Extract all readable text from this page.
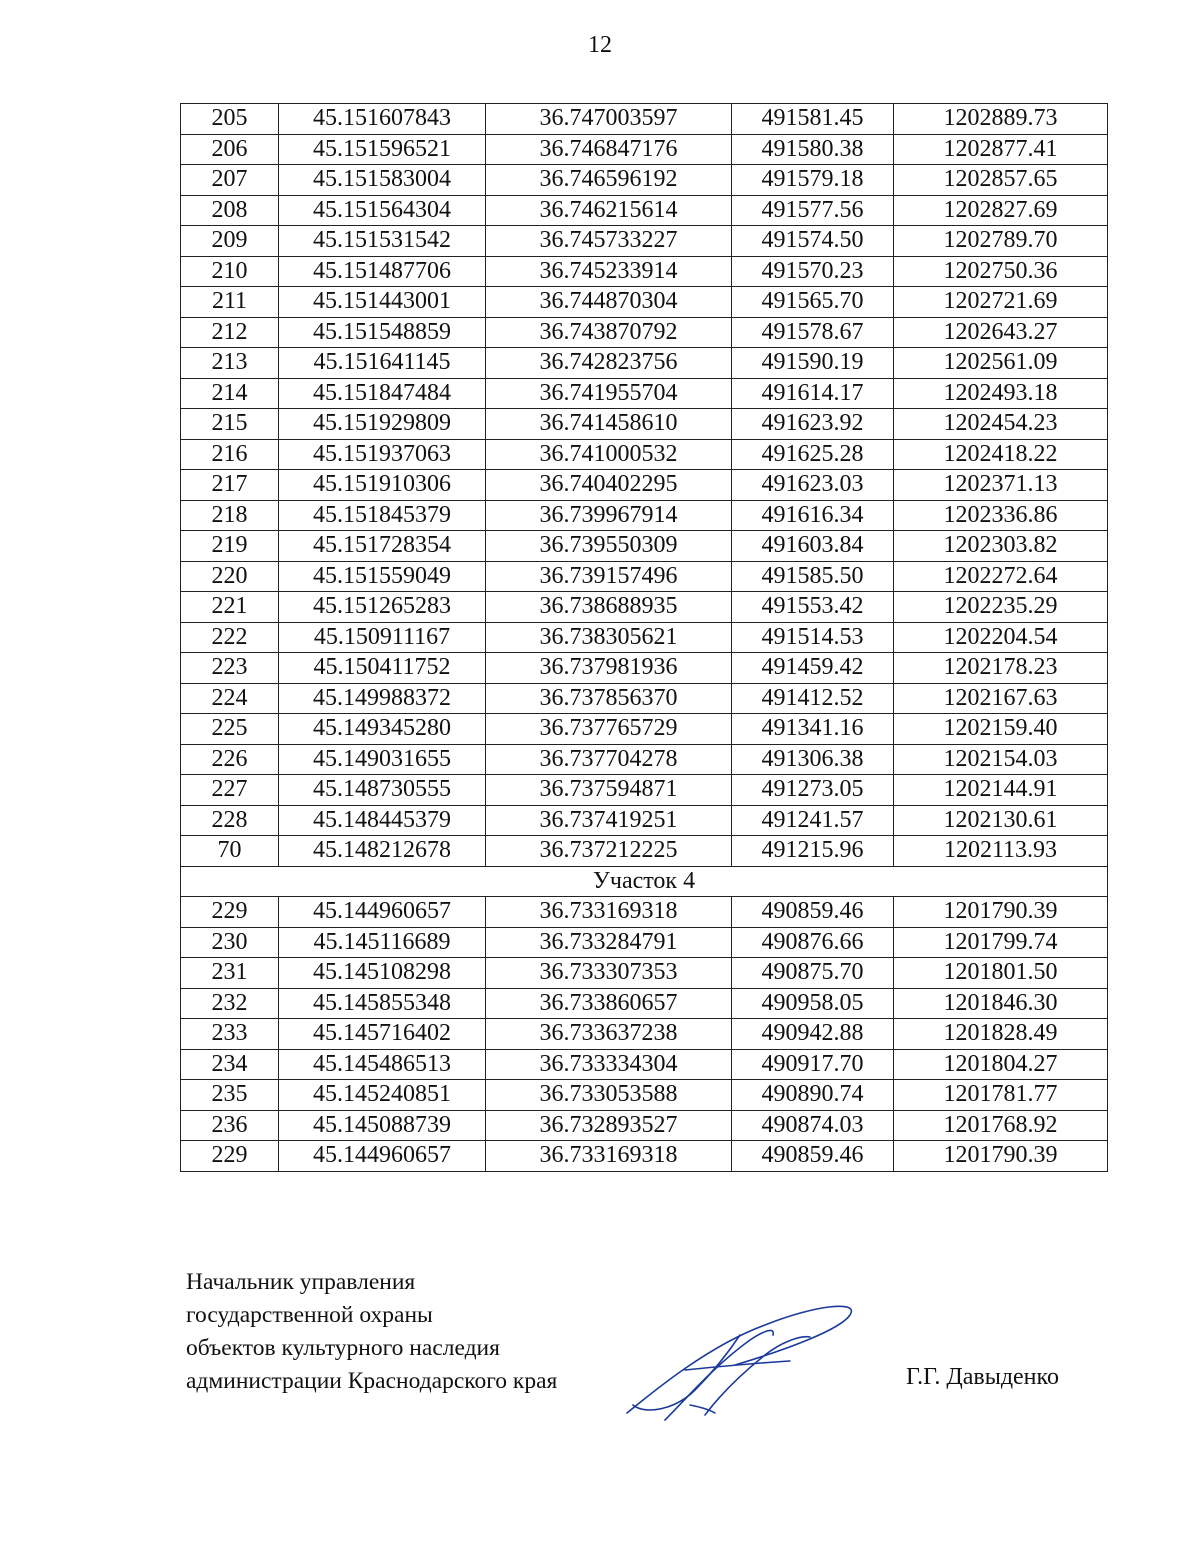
12
205	45.151607843	36.747003597	491581.45	1202889.73
206	45.151596521	36.746847176	491580.38	1202877.41
207	45.151583004	36.746596192	491579.18	1202857.65
208	45.151564304	36.746215614	491577.56	1202827.69
209	45.151531542	36.745733227	491574.50	1202789.70
210	45.151487706	36.745233914	491570.23	1202750.36
211	45.151443001	36.744870304	491565.70	1202721.69
212	45.151548859	36.743870792	491578.67	1202643.27
213	45.151641145	36.742823756	491590.19	1202561.09
214	45.151847484	36.741955704	491614.17	1202493.18
215	45.151929809	36.741458610	491623.92	1202454.23
216	45.151937063	36.741000532	491625.28	1202418.22
217	45.151910306	36.740402295	491623.03	1202371.13
218	45.151845379	36.739967914	491616.34	1202336.86
219	45.151728354	36.739550309	491603.84	1202303.82
220	45.151559049	36.739157496	491585.50	1202272.64
221	45.151265283	36.738688935	491553.42	1202235.29
222	45.150911167	36.738305621	491514.53	1202204.54
223	45.150411752	36.737981936	491459.42	1202178.23
224	45.149988372	36.737856370	491412.52	1202167.63
225	45.149345280	36.737765729	491341.16	1202159.40
226	45.149031655	36.737704278	491306.38	1202154.03
227	45.148730555	36.737594871	491273.05	1202144.91
228	45.148445379	36.737419251	491241.57	1202130.61
70	45.148212678	36.737212225	491215.96	1202113.93
Участок 4				
229	45.144960657	36.733169318	490859.46	1201790.39
230	45.145116689	36.733284791	490876.66	1201799.74
231	45.145108298	36.733307353	490875.70	1201801.50
232	45.145855348	36.733860657	490958.05	1201846.30
233	45.145716402	36.733637238	490942.88	1201828.49
234	45.145486513	36.733334304	490917.70	1201804.27
235	45.145240851	36.733053588	490890.74	1201781.77
236	45.145088739	36.732893527	490874.03	1201768.92
229	45.144960657	36.733169318	490859.46	1201790.39
Начальник управления
государственной охраны
объектов культурного наследия
администрации Краснодарского края	Г.Г. Давыденко
